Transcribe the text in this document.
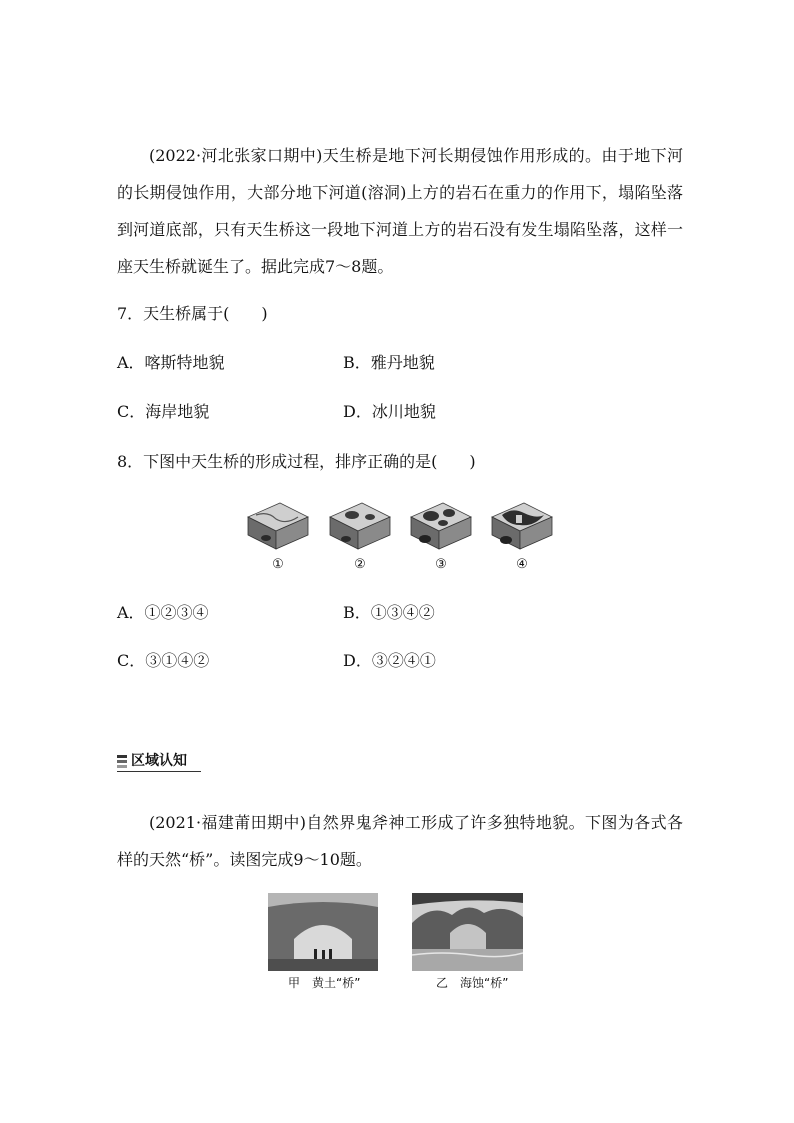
(2022·河北张家口期中)天生桥是地下河长期侵蚀作用形成的。由于地下河的长期侵蚀作用，大部分地下河道(溶洞)上方的岩石在重力的作用下，塌陷坠落到河道底部，只有天生桥这一段地下河道上方的岩石没有发生塌陷坠落，这样一座天生桥就诞生了。据此完成7～8题。

7．天生桥属于(　　)
A．喀斯特地貌	B．雅丹地貌
C．海岸地貌	D．冰川地貌
8．下图中天生桥的形成过程，排序正确的是(　　)
①	②	③	④
A．①②③④	B．①③④②
C．③①④②	D．③②④①
区域认知

(2021·福建莆田期中)自然界鬼斧神工形成了许多独特地貌。下图为各式各样的天然“桥”。读图完成9～10题。

甲　黄土“桥”	乙　海蚀“桥”
